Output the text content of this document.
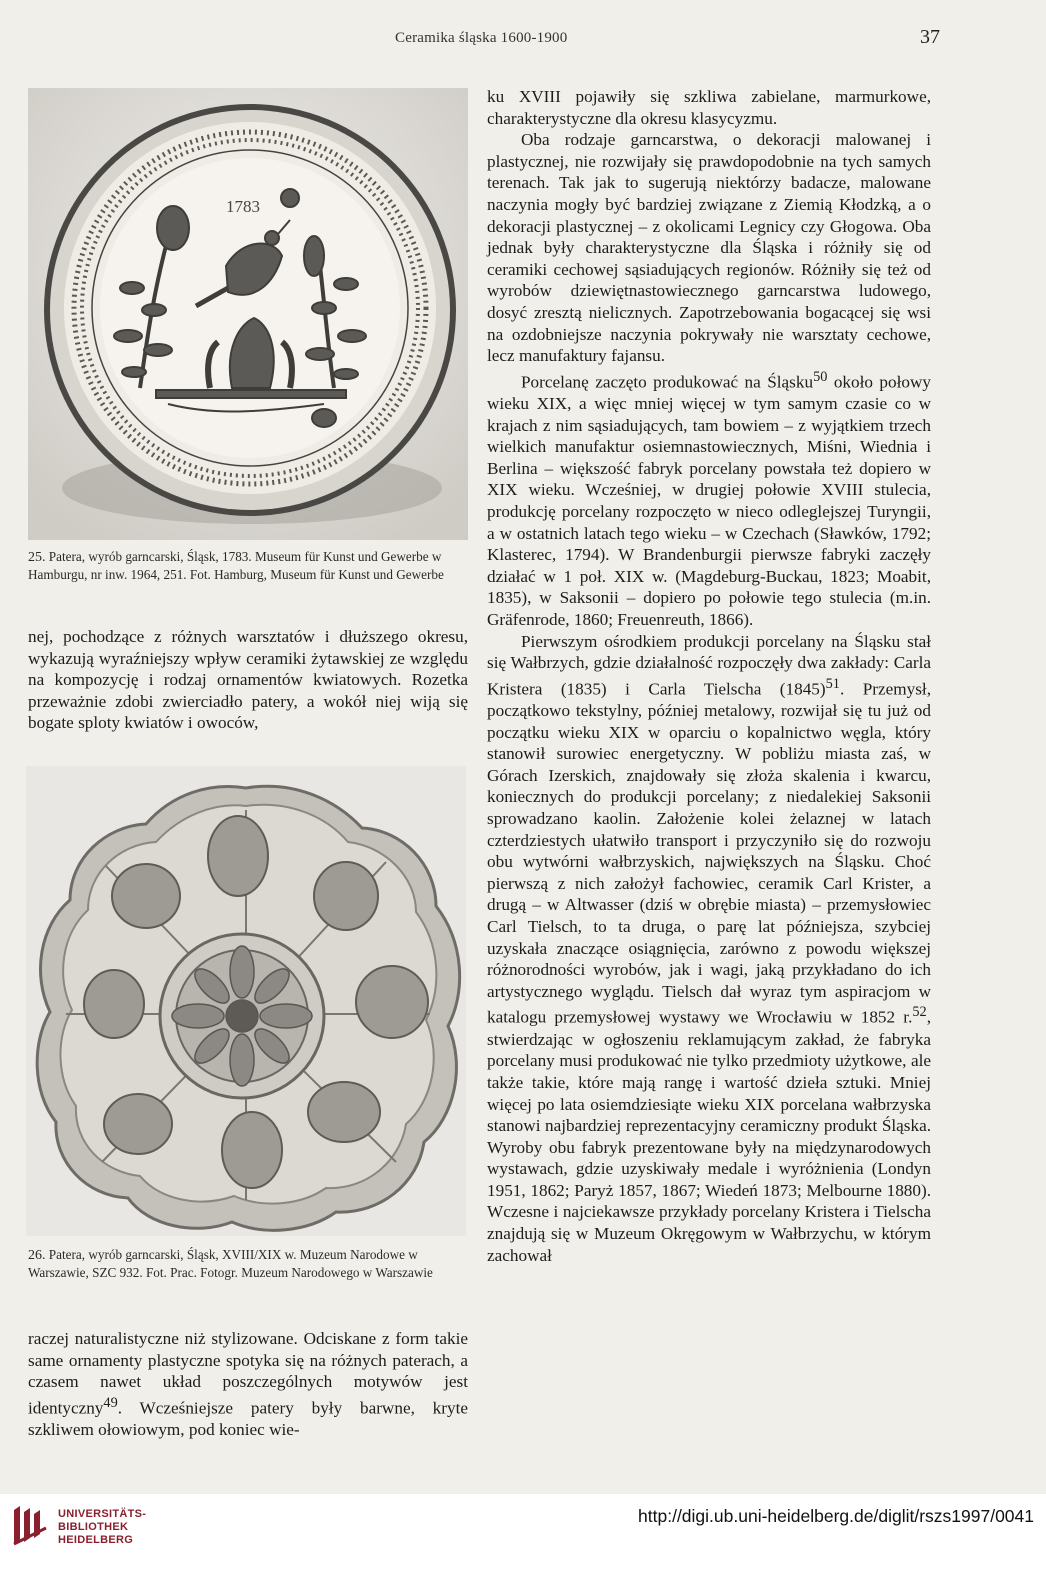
Ceramika śląska 1600-1900	37
1783
25. Patera, wyrób garncarski, Śląsk, 1783. Museum für Kunst und Gewerbe w Hamburgu, nr inw. 1964, 251. Fot. Hamburg, Museum für Kunst und Gewerbe

nej, pochodzące z różnych warsztatów i dłuższego okresu, wykazują wyraźniejszy wpływ ceramiki żytawskiej ze względu na kompozycję i rodzaj ornamentów kwiatowych. Rozetka przeważnie zdobi zwierciadło patery, a wokół niej wiją się bogate sploty kwiatów i owoców,

26. Patera, wyrób garncarski, Śląsk, XVIII/XIX w. Muzeum Narodowe w Warszawie, SZC 932. Fot. Prac. Fotogr. Muzeum Narodowego w Warszawie

raczej naturalistyczne niż stylizowane. Odciskane z form takie same ornamenty plastyczne spotyka się na różnych paterach, a czasem nawet układ poszczególnych motywów jest identyczny$^{49}$. Wcześniejsze patery były barwne, kryte szkliwem ołowiowym, pod koniec wie-

ku XVIII pojawiły się szkliwa zabielane, marmurkowe, charakterystyczne dla okresu klasycyzmu.

Oba rodzaje garncarstwa, o dekoracji malowanej i plastycznej, nie rozwijały się prawdopodobnie na tych samych terenach. Tak jak to sugerują niektórzy badacze, malowane naczynia mogły być bardziej związane z Ziemią Kłodzką, a o dekoracji plastycznej – z okolicami Legnicy czy Głogowa. Oba jednak były charakterystyczne dla Śląska i różniły się od ceramiki cechowej sąsiadujących regionów. Różniły się też od wyrobów dziewiętnastowiecznego garncarstwa ludowego, dosyć zresztą nielicznych. Zapotrzebowania bogacącej się wsi na ozdobniejsze naczynia pokrywały nie warsztaty cechowe, lecz manufaktury fajansu.

Porcelanę zaczęto produkować na Śląsku$^{50}$ około połowy wieku XIX, a więc mniej więcej w tym samym czasie co w krajach z nim sąsiadujących, tam bowiem – z wyjątkiem trzech wielkich manufaktur osiemnastowiecznych, Miśni, Wiednia i Berlina – większość fabryk porcelany powstała też dopiero w XIX wieku. Wcześniej, w drugiej połowie XVIII stulecia, produkcję porcelany rozpoczęto w nieco odleglejszej Turyngii, a w ostatnich latach tego wieku – w Czechach (Sławków, 1792; Klasterec, 1794). W Brandenburgii pierwsze fabryki zaczęły działać w 1 poł. XIX w. (Magdeburg-Buckau, 1823; Moabit, 1835), w Saksonii – dopiero po połowie tego stulecia (m.in. Gräfenrode, 1860; Freuenreuth, 1866).

Pierwszym ośrodkiem produkcji porcelany na Śląsku stał się Wałbrzych, gdzie działalność rozpoczęły dwa zakłady: Carla Kristera (1835) i Carla Tielscha $(1845)^{51}$. Przemysł, początkowo tekstylny, później metalowy, rozwijał się tu już od początku wieku XIX w oparciu o kopalnictwo węgla, który stanowił surowiec energetyczny. W pobliżu miasta zaś, w Górach Izerskich, znajdowały się złoża skalenia i kwarcu, koniecznych do produkcji porcelany; z niedalekiej Saksonii sprowadzano kaolin. Założenie kolei żelaznej w latach czterdziestych ułatwiło transport i przyczyniło się do rozwoju obu wytwórni wałbrzyskich, największych na Śląsku. Choć pierwszą z nich założył fachowiec, ceramik Carl Krister, a drugą – w Altwasser (dziś w obrębie miasta) – przemysłowiec Carl Tielsch, to ta druga, o parę lat późniejsza, szybciej uzyskała znaczące osiągnięcia, zarówno z powodu większej różnorodności wyrobów, jak i wagi, jaką przykładano do ich artystycznego wyglądu. Tielsch dał wyraz tym aspiracjom w katalogu przemysłowej wystawy we Wrocławiu w 1852 r.$^{52}$, stwierdzając w ogłoszeniu reklamującym zakład, że fabryka porcelany musi produkować nie tylko przedmioty użytkowe, ale także takie, które mają rangę i wartość dzieła sztuki. Mniej więcej po lata osiemdziesiąte wieku XIX porcelana wałbrzyska stanowi najbardziej reprezentacyjny ceramiczny produkt Śląska. Wyroby obu fabryk prezentowane były na międzynarodowych wystawach, gdzie uzyskiwały medale i wyróżnienia (Londyn 1951, 1862; Paryż 1857, 1867; Wiedeń 1873; Melbourne 1880). Wczesne i najciekawsze przykłady porcelany Kristera i Tielscha znajdują się w Muzeum Okręgowym w Wałbrzychu, w którym zachował

UNIVERSITÄTS-
BIBLIOTHEK
HEIDELBERG
http://digi.ub.uni-heidelberg.de/diglit/rszs1997/0041
